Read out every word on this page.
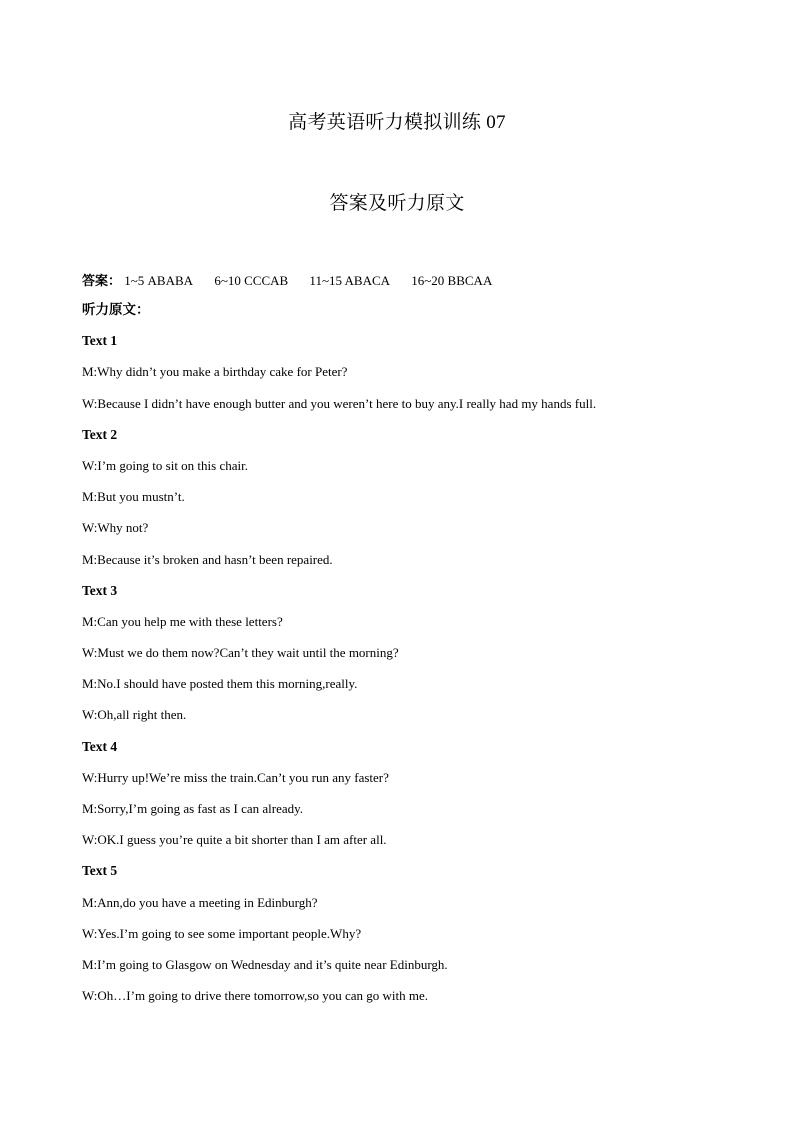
高考英语听力模拟训练 07
答案及听力原文
答案： 1~5 ABABA 6~10 CCCAB 11~15 ABACA 16~20 BBCAA
听力原文：
Text 1
M:Why didn’t you make a birthday cake for Peter?
W:Because I didn’t have enough butter and you weren’t here to buy any.I really had my hands full.
Text 2
W:I’m going to sit on this chair.
M:But you mustn’t.
W:Why not?
M:Because it’s broken and hasn’t been repaired.
Text 3
M:Can you help me with these letters?
W:Must we do them now?Can’t they wait until the morning?
M:No.I should have posted them this morning,really.
W:Oh,all right then.
Text 4
W:Hurry up!We’re miss the train.Can’t you run any faster?
M:Sorry,I’m going as fast as I can already.
W:OK.I guess you’re quite a bit shorter than I am after all.
Text 5
M:Ann,do you have a meeting in Edinburgh?
W:Yes.I’m going to see some important people.Why?
M:I’m going to Glasgow on Wednesday and it’s quite near Edinburgh.
W:Oh…I’m going to drive there tomorrow,so you can go with me.
